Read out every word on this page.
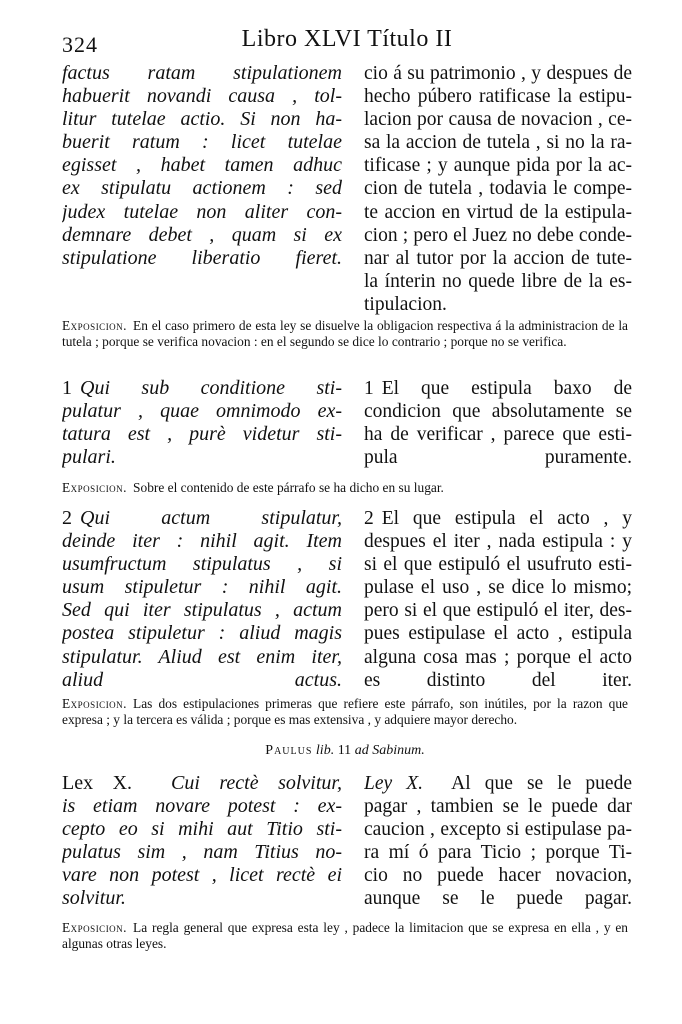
324	Libro XLVI Título II
factus ratam stipulationem
habuerit novandi causa , tol-
litur tutelae actio. Si non ha-
buerit ratum : licet tutelae
egisset , habet tamen adhuc
ex stipulatu actionem : sed
judex tutelae non aliter con-
demnare debet , quam si ex
stipulatione liberatio fieret.
cio á su patrimonio , y despues de
hecho púbero ratificase la estipu-
lacion por causa de novacion , ce-
sa la accion de tutela , si no la ra-
tificase ; y aunque pida por la ac-
cion de tutela , todavia le compe-
te accion en virtud de la estipula-
cion ; pero el Juez no debe conde-
nar al tutor por la accion de tute-
la ínterin no quede libre de la es-
tipulacion.
Exposicion. En el caso primero de esta ley se disuelve la obligacion respectiva á la administracion de la tutela ; porque se verifica novacion : en el segundo se dice lo contrario ; porque no se verifica.
1 Qui sub conditione sti-
pulatur , quae omnimodo ex-
tatura est , purè videtur sti-
pulari.
1 El que estipula baxo de
condicion que absolutamente se
ha de verificar , parece que esti-
pula puramente.
Exposicion. Sobre el contenido de este párrafo se ha dicho en su lugar.
2 Qui actum stipulatur,
deinde iter : nihil agit. Item
usumfructum stipulatus , si
usum stipuletur : nihil agit.
Sed qui iter stipulatus , actum
postea stipuletur : aliud magis
stipulatur. Aliud est enim iter,
aliud actus.
2 El que estipula el acto , y
despues el iter , nada estipula : y
si el que estipuló el usufruto esti-
pulase el uso , se dice lo mismo;
pero si el que estipuló el iter, des-
pues estipulase el acto , estipula
alguna cosa mas ; porque el acto
es distinto del iter.
Exposicion. Las dos estipulaciones primeras que refiere este párrafo, son inútiles, por la razon que expresa ; y la tercera es válida ; porque es mas extensiva , y adquiere mayor derecho.
Paulus lib. 11 ad Sabinum.
Lex X. Cui rectè solvitur,
is etiam novare potest : ex-
cepto eo si mihi aut Titio sti-
pulatus sim , nam Titius no-
vare non potest , licet rectè ei
solvitur.
Ley X. Al que se le puede
pagar , tambien se le puede dar
caucion , excepto si estipulase pa-
ra mí ó para Ticio ; porque Ti-
cio no puede hacer novacion,
aunque se le puede pagar.
Exposicion. La regla general que expresa esta ley , padece la limitacion que se expresa en ella , y en algunas otras leyes.
